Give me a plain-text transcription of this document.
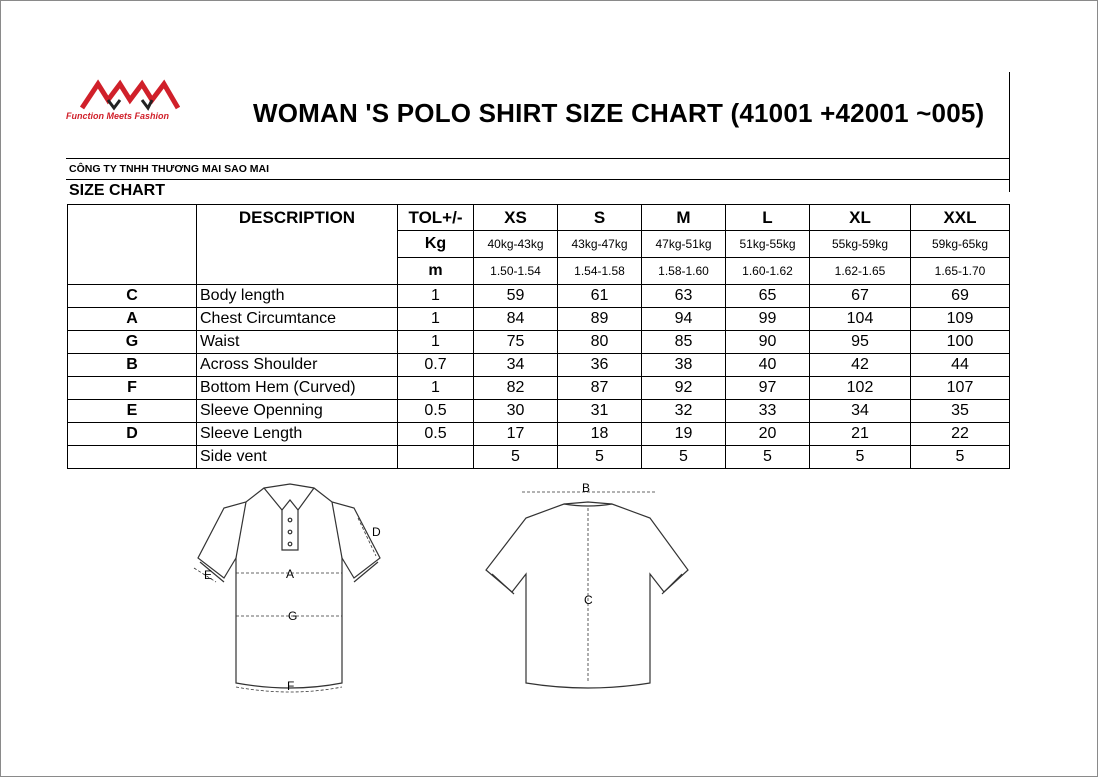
Function Meets Fashion	WOMAN 'S POLO SHIRT SIZE CHART (41001 +42001 ~005)
CÔNG TY TNHH THƯƠNG MAI SAO MAI
SIZE CHART
	DESCRIPTION	TOL+/-	XS	S	M	L	XL	XXL
		Kg	40kg-43kg	43kg-47kg	47kg-51kg	51kg-55kg	55kg-59kg	59kg-65kg
		m	1.50-1.54	1.54-1.58	1.58-1.60	1.60-1.62	1.62-1.65	1.65-1.70
C	Body length	1	59	61	63	65	67	69
A	Chest Circumtance	1	84	89	94	99	104	109
G	Waist	1	75	80	85	90	95	100
B	Across Shoulder	0.7	34	36	38	40	42	44
F	Bottom Hem (Curved)	1	82	87	92	97	102	107
E	Sleeve Openning	0.5	30	31	32	33	34	35
D	Sleeve Length	0.5	17	18	19	20	21	22
	Side vent		5	5	5	5	5	5
A
D
E
G
F
B
C
